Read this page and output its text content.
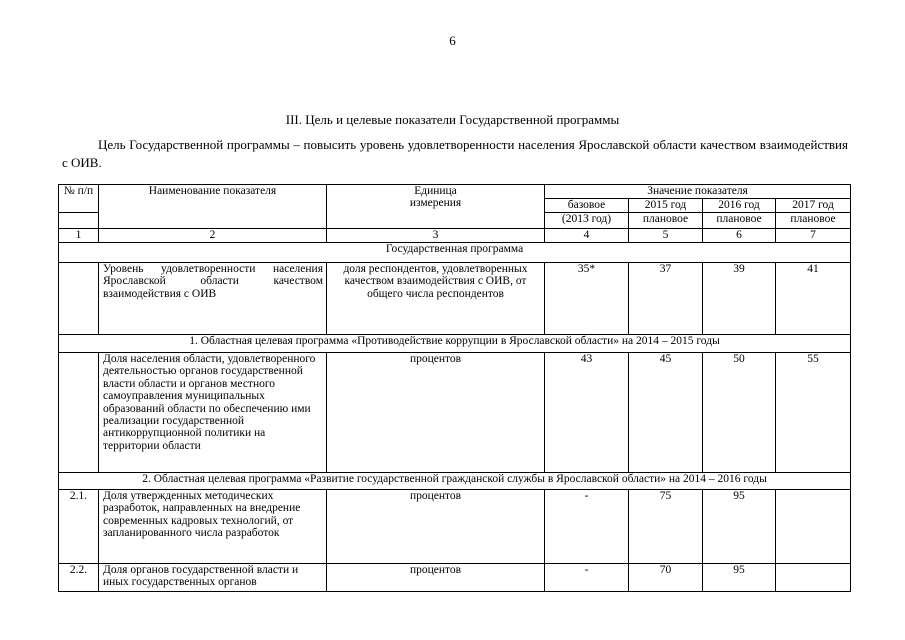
6
III. Цель и целевые показатели Государственной программы
Цель Государственной программы – повысить уровень удовлетворенности населения Ярославской области качеством взаимодействия с ОИВ.
№ п/п	Наименование показателя	Единица измерения	Значение показателя			
			базовое	2015 год	2016 год	2017 год
			(2013 год)	плановое	плановое	плановое
1	2	3	4	5	6	7
Государственная программа						
	Уровень удовлетворенности населения Ярославской области качеством взаимодействия с ОИВ	доля респондентов, удовлетворенных качеством взаимодействия с ОИВ, от общего числа респондентов	35*	37	39	41
1. Областная целевая программа «Противодействие коррупции в Ярославской области» на 2014 – 2015 годы						
	Доля населения области, удовлетворенного деятельностью органов государственной власти области и органов местного самоуправления муниципальных образований области по обеспечению ими реализации государственной антикоррупционной политики на территории области	процентов	43	45	50	55
2. Областная целевая программа «Развитие государственной гражданской службы в Ярославской области» на 2014 – 2016 годы						
2.1.	Доля утвержденных методических разработок, направленных на внедрение современных кадровых технологий, от запланированного числа разработок	процентов	-	75	95	
2.2.	Доля органов государственной власти и иных государственных органов	процентов	-	70	95	
